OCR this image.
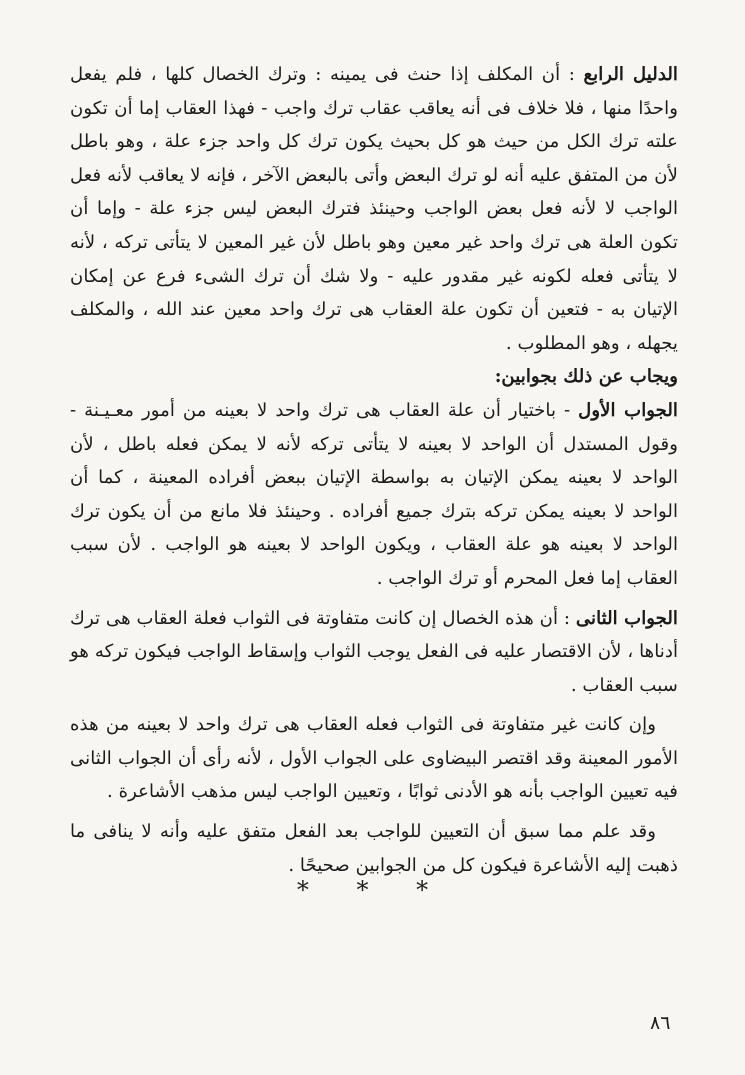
الدليل الرابع : أن المكلف إذا حنث فى يمينه : وترك الخصال كلها ، فلم يفعل واحدًا منها ، فلا خلاف فى أنه يعاقب عقاب ترك واجب - فهذا العقاب إما أن تكون علته ترك الكل من حيث هو كل بحيث يكون ترك كل واحد جزء علة ، وهو باطل لأن من المتفق عليه أنه لو ترك البعض وأتى بالبعض الآخر ، فإنه لا يعاقب لأنه فعل الواجب لا لأنه فعل بعض الواجب وحينئذ فترك البعض ليس جزء علة - وإما أن تكون العلة هى ترك واحد غير معين وهو باطل لأن غير المعين لا يتأتى تركه ، لأنه لا يتأتى فعله لكونه غير مقدور عليه - ولا شك أن ترك الشىء فرع عن إمكان الإتيان به - فتعين أن تكون علة العقاب هى ترك واحد معين عند الله ، والمكلف يجهله ، وهو المطلوب .

ويجاب عن ذلك بجوابين:

الجواب الأول - باختيار أن علة العقاب هى ترك واحد لا بعينه من أمور معـيـنة - وقول المستدل أن الواحد لا بعينه لا يتأتى تركه لأنه لا يمكن فعله باطل ، لأن الواحد لا بعينه يمكن الإتيان به بواسطة الإتيان ببعض أفراده المعينة ، كما أن الواحد لا بعينه يمكن تركه بترك جميع أفراده . وحينئذ فلا مانع من أن يكون ترك الواحد لا بعينه هو علة العقاب ، ويكون الواحد لا بعينه هو الواجب . لأن سبب العقاب إما فعل المحرم أو ترك الواجب .

الجواب الثانى : أن هذه الخصال إن كانت متفاوتة فى الثواب فعلة العقاب هى ترك أدناها ، لأن الاقتصار عليه فى الفعل يوجب الثواب وإسقاط الواجب فيكون تركه هو سبب العقاب .

وإن كانت غير متفاوتة فى الثواب فعله العقاب هى ترك واحد لا بعينه من هذه الأمور المعينة وقد اقتصر البيضاوى على الجواب الأول ، لأنه رأى أن الجواب الثانى فيه تعيين الواجب بأنه هو الأدنى ثوابًا ، وتعيين الواجب ليس مذهب الأشاعرة .

وقد علم مما سبق أن التعيين للواجب بعد الفعل متفق عليه وأنه لا ينافى ما ذهبت إليه الأشاعرة فيكون كل من الجوابين صحيحًا .

* * *
٨٦
